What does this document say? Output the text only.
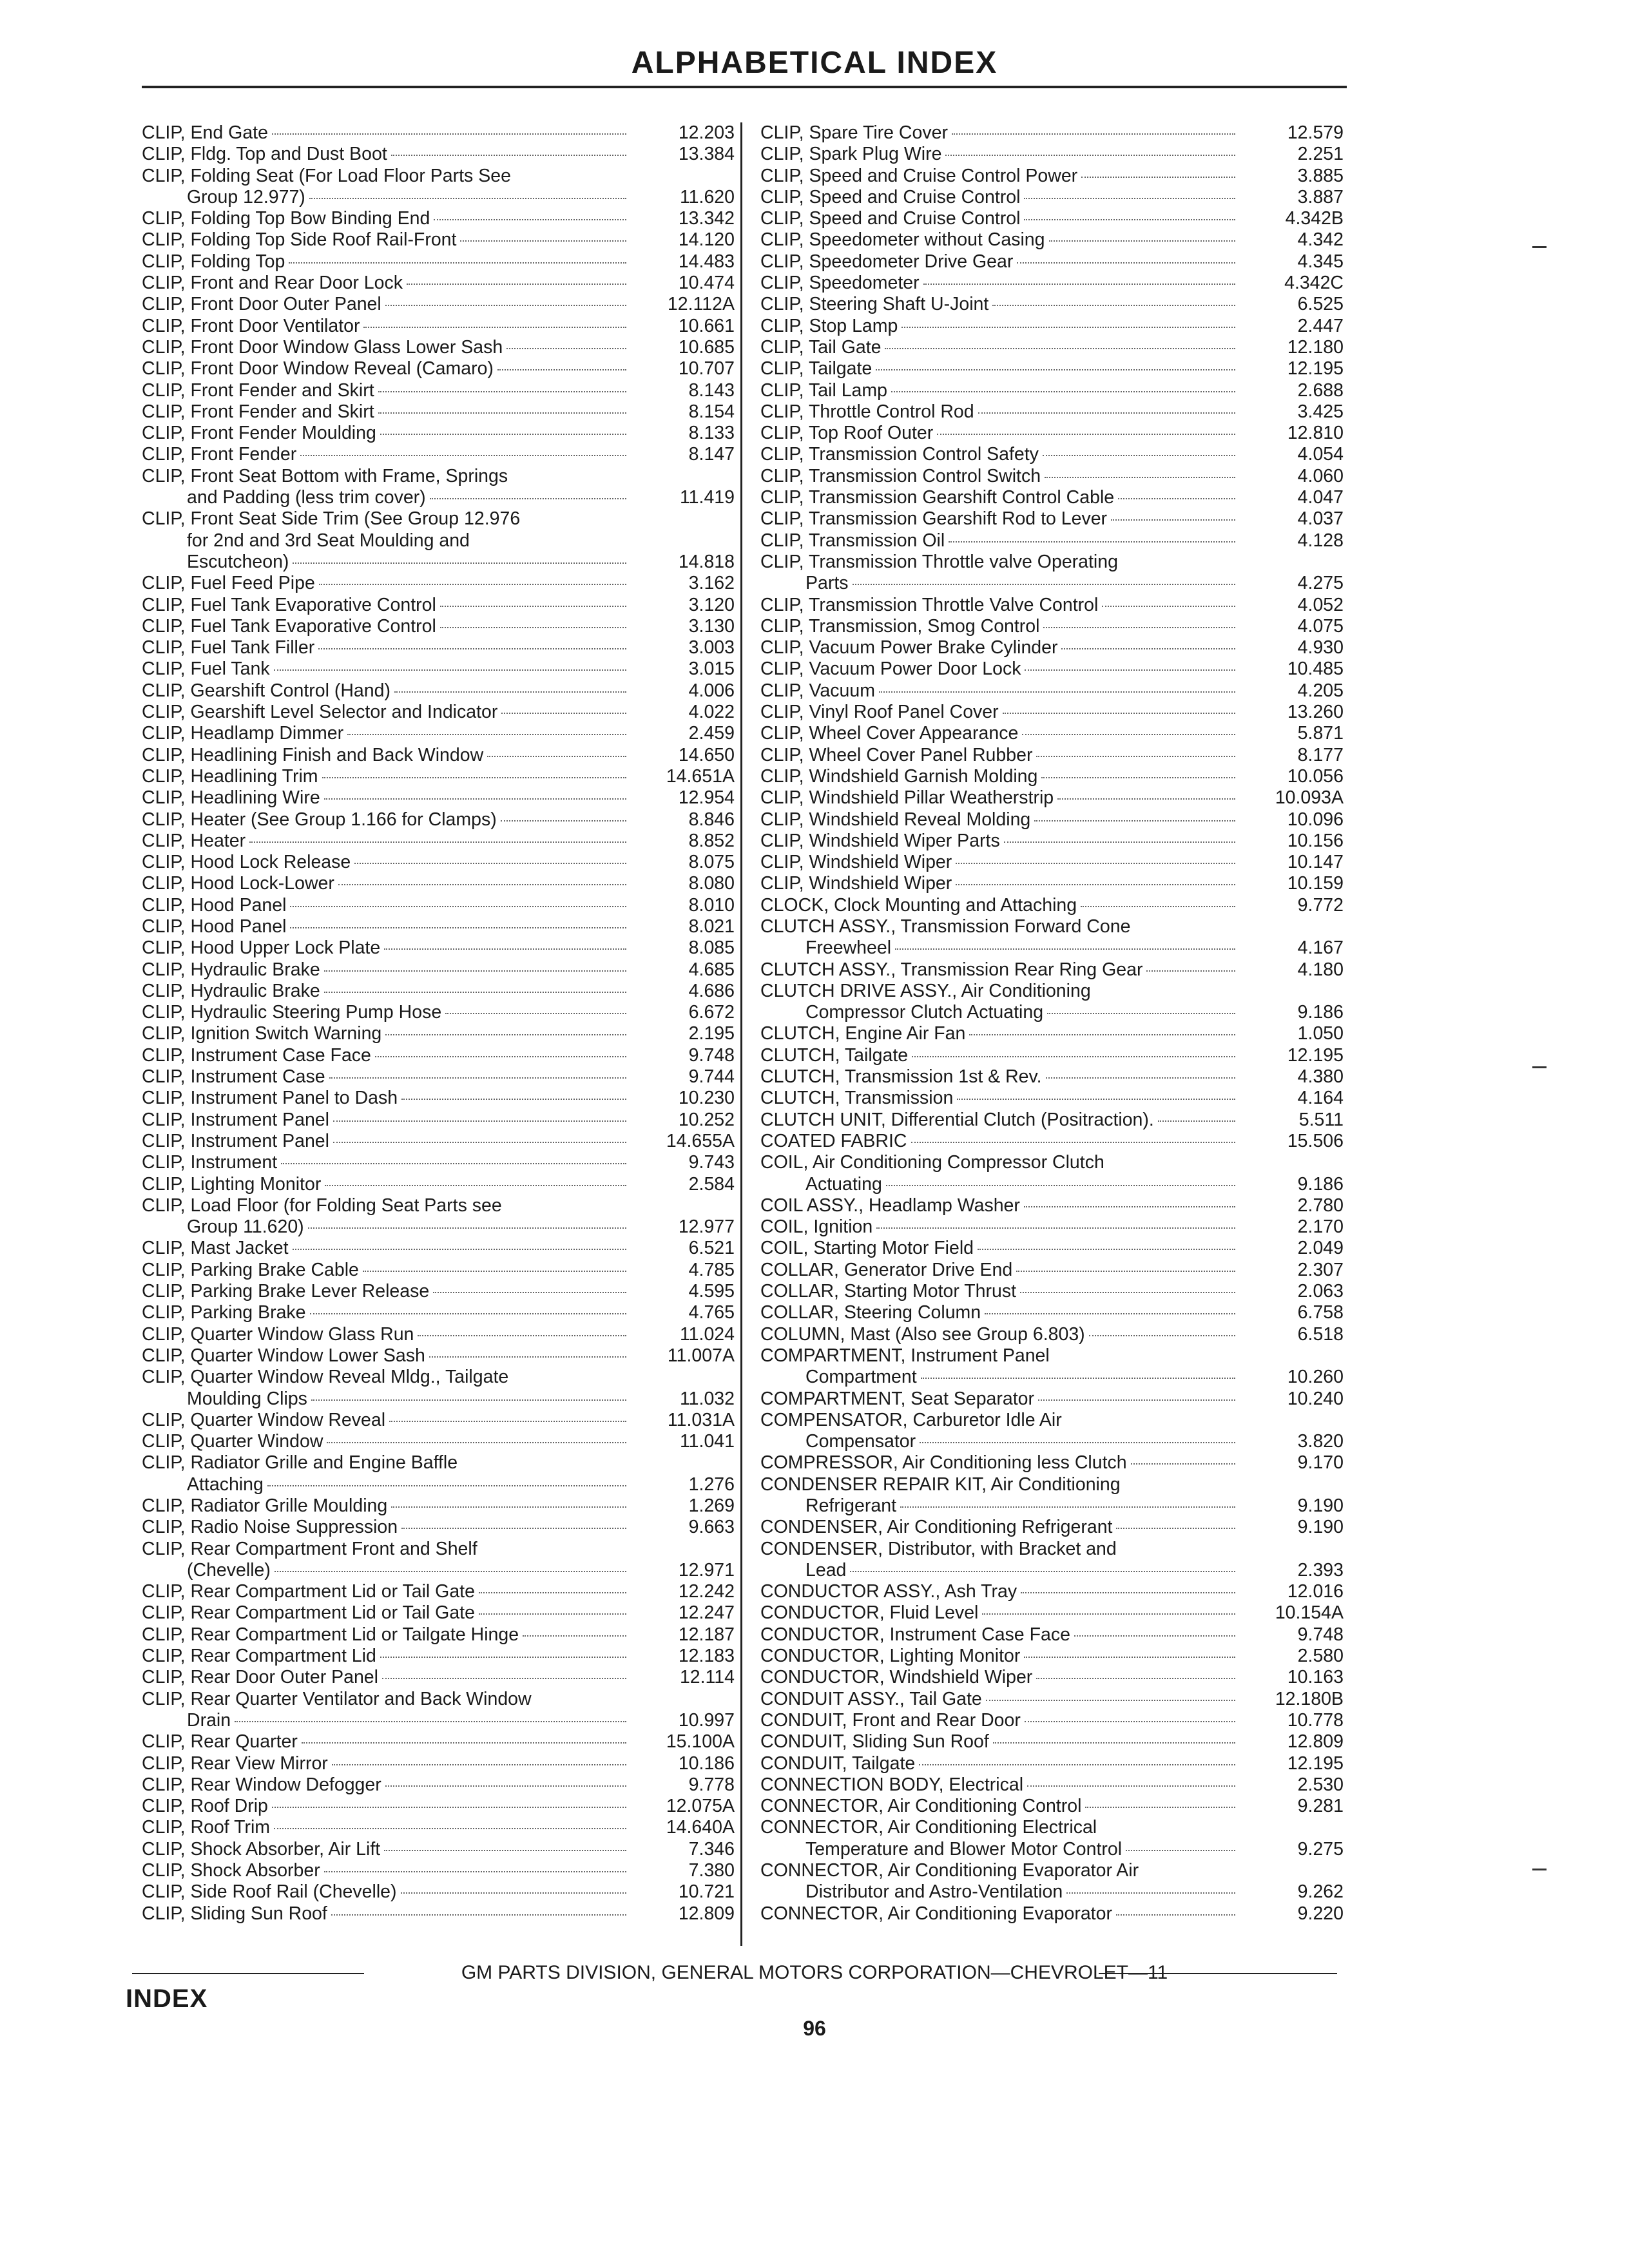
ALPHABETICAL INDEX
CLIP, End Gate	12.203
CLIP, Fldg. Top and Dust Boot	13.384
CLIP, Folding Seat (For Load Floor Parts See
Group 12.977)	11.620
CLIP, Folding Top Bow Binding End	13.342
CLIP, Folding Top Side Roof Rail-Front	14.120
CLIP, Folding Top	14.483
CLIP, Front and Rear Door Lock	10.474
CLIP, Front Door Outer Panel	12.112A
CLIP, Front Door Ventilator	10.661
CLIP, Front Door Window Glass Lower Sash	10.685
CLIP, Front Door Window Reveal (Camaro)	10.707
CLIP, Front Fender and Skirt	8.143
CLIP, Front Fender and Skirt	8.154
CLIP, Front Fender Moulding	8.133
CLIP, Front Fender	8.147
CLIP, Front Seat Bottom with Frame, Springs
and Padding (less trim cover)	11.419
CLIP, Front Seat Side Trim (See Group 12.976
for 2nd and 3rd Seat Moulding and
Escutcheon)	14.818
CLIP, Fuel Feed Pipe	3.162
CLIP, Fuel Tank Evaporative Control	3.120
CLIP, Fuel Tank Evaporative Control	3.130
CLIP, Fuel Tank Filler	3.003
CLIP, Fuel Tank	3.015
CLIP, Gearshift Control (Hand)	4.006
CLIP, Gearshift Level Selector and Indicator	4.022
CLIP, Headlamp Dimmer	2.459
CLIP, Headlining Finish and Back Window	14.650
CLIP, Headlining Trim	14.651A
CLIP, Headlining Wire	12.954
CLIP, Heater (See Group 1.166 for Clamps)	8.846
CLIP, Heater	8.852
CLIP, Hood Lock Release	8.075
CLIP, Hood Lock-Lower	8.080
CLIP, Hood Panel	8.010
CLIP, Hood Panel	8.021
CLIP, Hood Upper Lock Plate	8.085
CLIP, Hydraulic Brake	4.685
CLIP, Hydraulic Brake	4.686
CLIP, Hydraulic Steering Pump Hose	6.672
CLIP, Ignition Switch Warning	2.195
CLIP, Instrument Case Face	9.748
CLIP, Instrument Case	9.744
CLIP, Instrument Panel to Dash	10.230
CLIP, Instrument Panel	10.252
CLIP, Instrument Panel	14.655A
CLIP, Instrument	9.743
CLIP, Lighting Monitor	2.584
CLIP, Load Floor (for Folding Seat Parts see
Group 11.620)	12.977
CLIP, Mast Jacket	6.521
CLIP, Parking Brake Cable	4.785
CLIP, Parking Brake Lever Release	4.595
CLIP, Parking Brake	4.765
CLIP, Quarter Window Glass Run	11.024
CLIP, Quarter Window Lower Sash	11.007A
CLIP, Quarter Window Reveal Mldg., Tailgate
Moulding Clips	11.032
CLIP, Quarter Window Reveal	11.031A
CLIP, Quarter Window	11.041
CLIP, Radiator Grille and Engine Baffle
Attaching	1.276
CLIP, Radiator Grille Moulding	1.269
CLIP, Radio Noise Suppression	9.663
CLIP, Rear Compartment Front and Shelf
(Chevelle)	12.971
CLIP, Rear Compartment Lid or Tail Gate	12.242
CLIP, Rear Compartment Lid or Tail Gate	12.247
CLIP, Rear Compartment Lid or Tailgate Hinge	12.187
CLIP, Rear Compartment Lid	12.183
CLIP, Rear Door Outer Panel	12.114
CLIP, Rear Quarter Ventilator and Back Window
Drain	10.997
CLIP, Rear Quarter	15.100A
CLIP, Rear View Mirror	10.186
CLIP, Rear Window Defogger	9.778
CLIP, Roof Drip	12.075A
CLIP, Roof Trim	14.640A
CLIP, Shock Absorber, Air Lift	7.346
CLIP, Shock Absorber	7.380
CLIP, Side Roof Rail (Chevelle)	10.721
CLIP, Sliding Sun Roof	12.809
CLIP, Spare Tire Cover	12.579
CLIP, Spark Plug Wire	2.251
CLIP, Speed and Cruise Control Power	3.885
CLIP, Speed and Cruise Control	3.887
CLIP, Speed and Cruise Control	4.342B
CLIP, Speedometer without Casing	4.342
CLIP, Speedometer Drive Gear	4.345
CLIP, Speedometer	4.342C
CLIP, Steering Shaft U-Joint	6.525
CLIP, Stop Lamp	2.447
CLIP, Tail Gate	12.180
CLIP, Tailgate	12.195
CLIP, Tail Lamp	2.688
CLIP, Throttle Control Rod	3.425
CLIP, Top Roof Outer	12.810
CLIP, Transmission Control Safety	4.054
CLIP, Transmission Control Switch	4.060
CLIP, Transmission Gearshift Control Cable	4.047
CLIP, Transmission Gearshift Rod to Lever	4.037
CLIP, Transmission Oil	4.128
CLIP, Transmission Throttle valve Operating
Parts	4.275
CLIP, Transmission Throttle Valve Control	4.052
CLIP, Transmission, Smog Control	4.075
CLIP, Vacuum Power Brake Cylinder	4.930
CLIP, Vacuum Power Door Lock	10.485
CLIP, Vacuum	4.205
CLIP, Vinyl Roof Panel Cover	13.260
CLIP, Wheel Cover Appearance	5.871
CLIP, Wheel Cover Panel Rubber	8.177
CLIP, Windshield Garnish Molding	10.056
CLIP, Windshield Pillar Weatherstrip	10.093A
CLIP, Windshield Reveal Molding	10.096
CLIP, Windshield Wiper Parts	10.156
CLIP, Windshield Wiper	10.147
CLIP, Windshield Wiper	10.159
CLOCK, Clock Mounting and Attaching	9.772
CLUTCH ASSY., Transmission Forward Cone
Freewheel	4.167
CLUTCH ASSY., Transmission Rear Ring Gear	4.180
CLUTCH DRIVE ASSY., Air Conditioning
Compressor Clutch Actuating	9.186
CLUTCH, Engine Air Fan	1.050
CLUTCH, Tailgate	12.195
CLUTCH, Transmission 1st & Rev.	4.380
CLUTCH, Transmission	4.164
CLUTCH UNIT, Differential Clutch (Positraction).	5.511
COATED FABRIC	15.506
COIL, Air Conditioning Compressor Clutch
Actuating	9.186
COIL ASSY., Headlamp Washer	2.780
COIL, Ignition	2.170
COIL, Starting Motor Field	2.049
COLLAR, Generator Drive End	2.307
COLLAR, Starting Motor Thrust	2.063
COLLAR, Steering Column	6.758
COLUMN, Mast (Also see Group 6.803)	6.518
COMPARTMENT, Instrument Panel
Compartment	10.260
COMPARTMENT, Seat Separator	10.240
COMPENSATOR, Carburetor Idle Air
Compensator	3.820
COMPRESSOR, Air Conditioning less Clutch	9.170
CONDENSER REPAIR KIT, Air Conditioning
Refrigerant	9.190
CONDENSER, Air Conditioning Refrigerant	9.190
CONDENSER, Distributor, with Bracket and
Lead	2.393
CONDUCTOR ASSY., Ash Tray	12.016
CONDUCTOR, Fluid Level	10.154A
CONDUCTOR, Instrument Case Face	9.748
CONDUCTOR, Lighting Monitor	2.580
CONDUCTOR, Windshield Wiper	10.163
CONDUIT ASSY., Tail Gate	12.180B
CONDUIT, Front and Rear Door	10.778
CONDUIT, Sliding Sun Roof	12.809
CONDUIT, Tailgate	12.195
CONNECTION BODY, Electrical	2.530
CONNECTOR, Air Conditioning Control	9.281
CONNECTOR, Air Conditioning Electrical
Temperature and Blower Motor Control	9.275
CONNECTOR, Air Conditioning Evaporator Air
Distributor and Astro-Ventilation	9.262
CONNECTOR, Air Conditioning Evaporator	9.220
GM PARTS DIVISION, GENERAL MOTORS CORPORATION—CHEVROLET—11
INDEX
96
